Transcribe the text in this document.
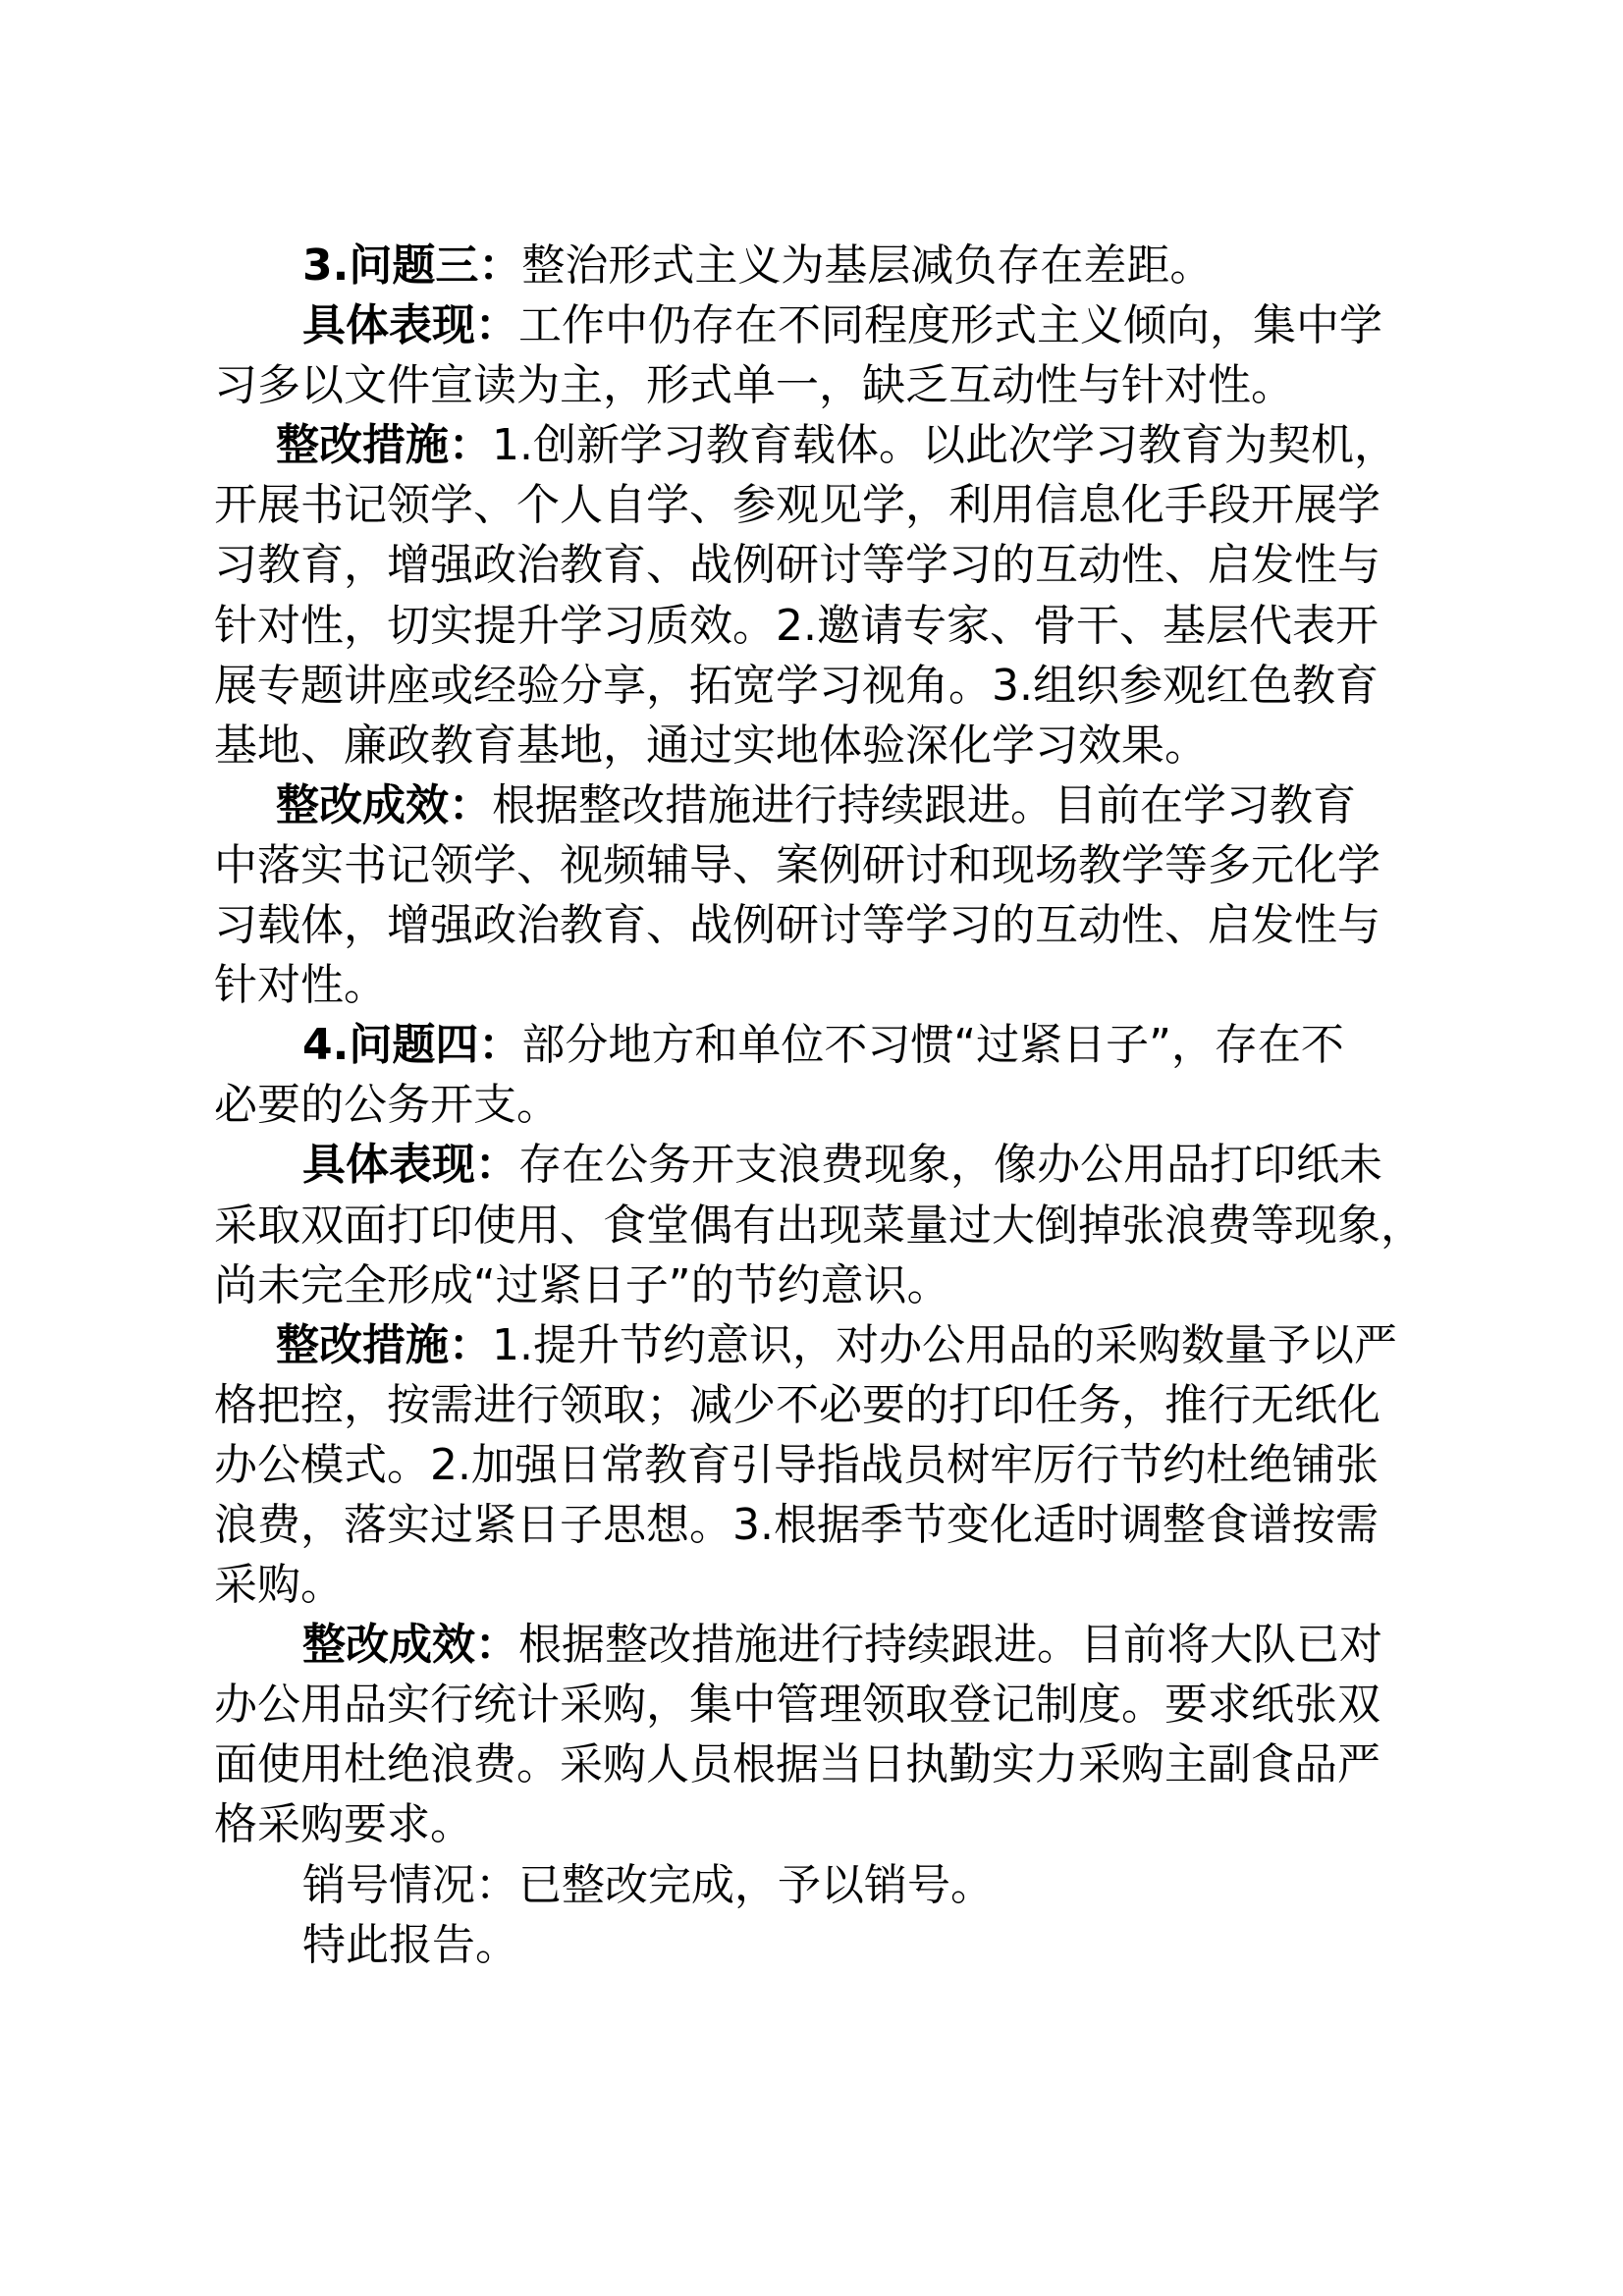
3.问题三：整治形式主义为基层减负存在差距。
具体表现：工作中仍存在不同程度形式主义倾向，集中学
习多以文件宣读为主，形式单一，缺乏互动性与针对性。
整改措施：1.创新学习教育载体。以此次学习教育为契机，
开展书记领学、个人自学、参观见学，利用信息化手段开展学
习教育，增强政治教育、战例研讨等学习的互动性、启发性与
针对性，切实提升学习质效。2.邀请专家、骨干、基层代表开
展专题讲座或经验分享，拓宽学习视角。3.组织参观红色教育
基地、廉政教育基地，通过实地体验深化学习效果。
整改成效：根据整改措施进行持续跟进。目前在学习教育
中落实书记领学、视频辅导、案例研讨和现场教学等多元化学
习载体，增强政治教育、战例研讨等学习的互动性、启发性与
针对性。
4.问题四：部分地方和单位不习惯“过紧日子”，存在不
必要的公务开支。
具体表现：存在公务开支浪费现象，像办公用品打印纸未
采取双面打印使用、食堂偶有出现菜量过大倒掉张浪费等现象，
尚未完全形成“过紧日子”的节约意识。
整改措施：1.提升节约意识，对办公用品的采购数量予以严
格把控，按需进行领取；减少不必要的打印任务，推行无纸化
办公模式。2.加强日常教育引导指战员树牢厉行节约杜绝铺张
浪费，落实过紧日子思想。3.根据季节变化适时调整食谱按需
采购。
整改成效：根据整改措施进行持续跟进。目前将大队已对
办公用品实行统计采购，集中管理领取登记制度。要求纸张双
面使用杜绝浪费。采购人员根据当日执勤实力采购主副食品严
格采购要求。
销号情况：已整改完成，予以销号。
特此报告。
